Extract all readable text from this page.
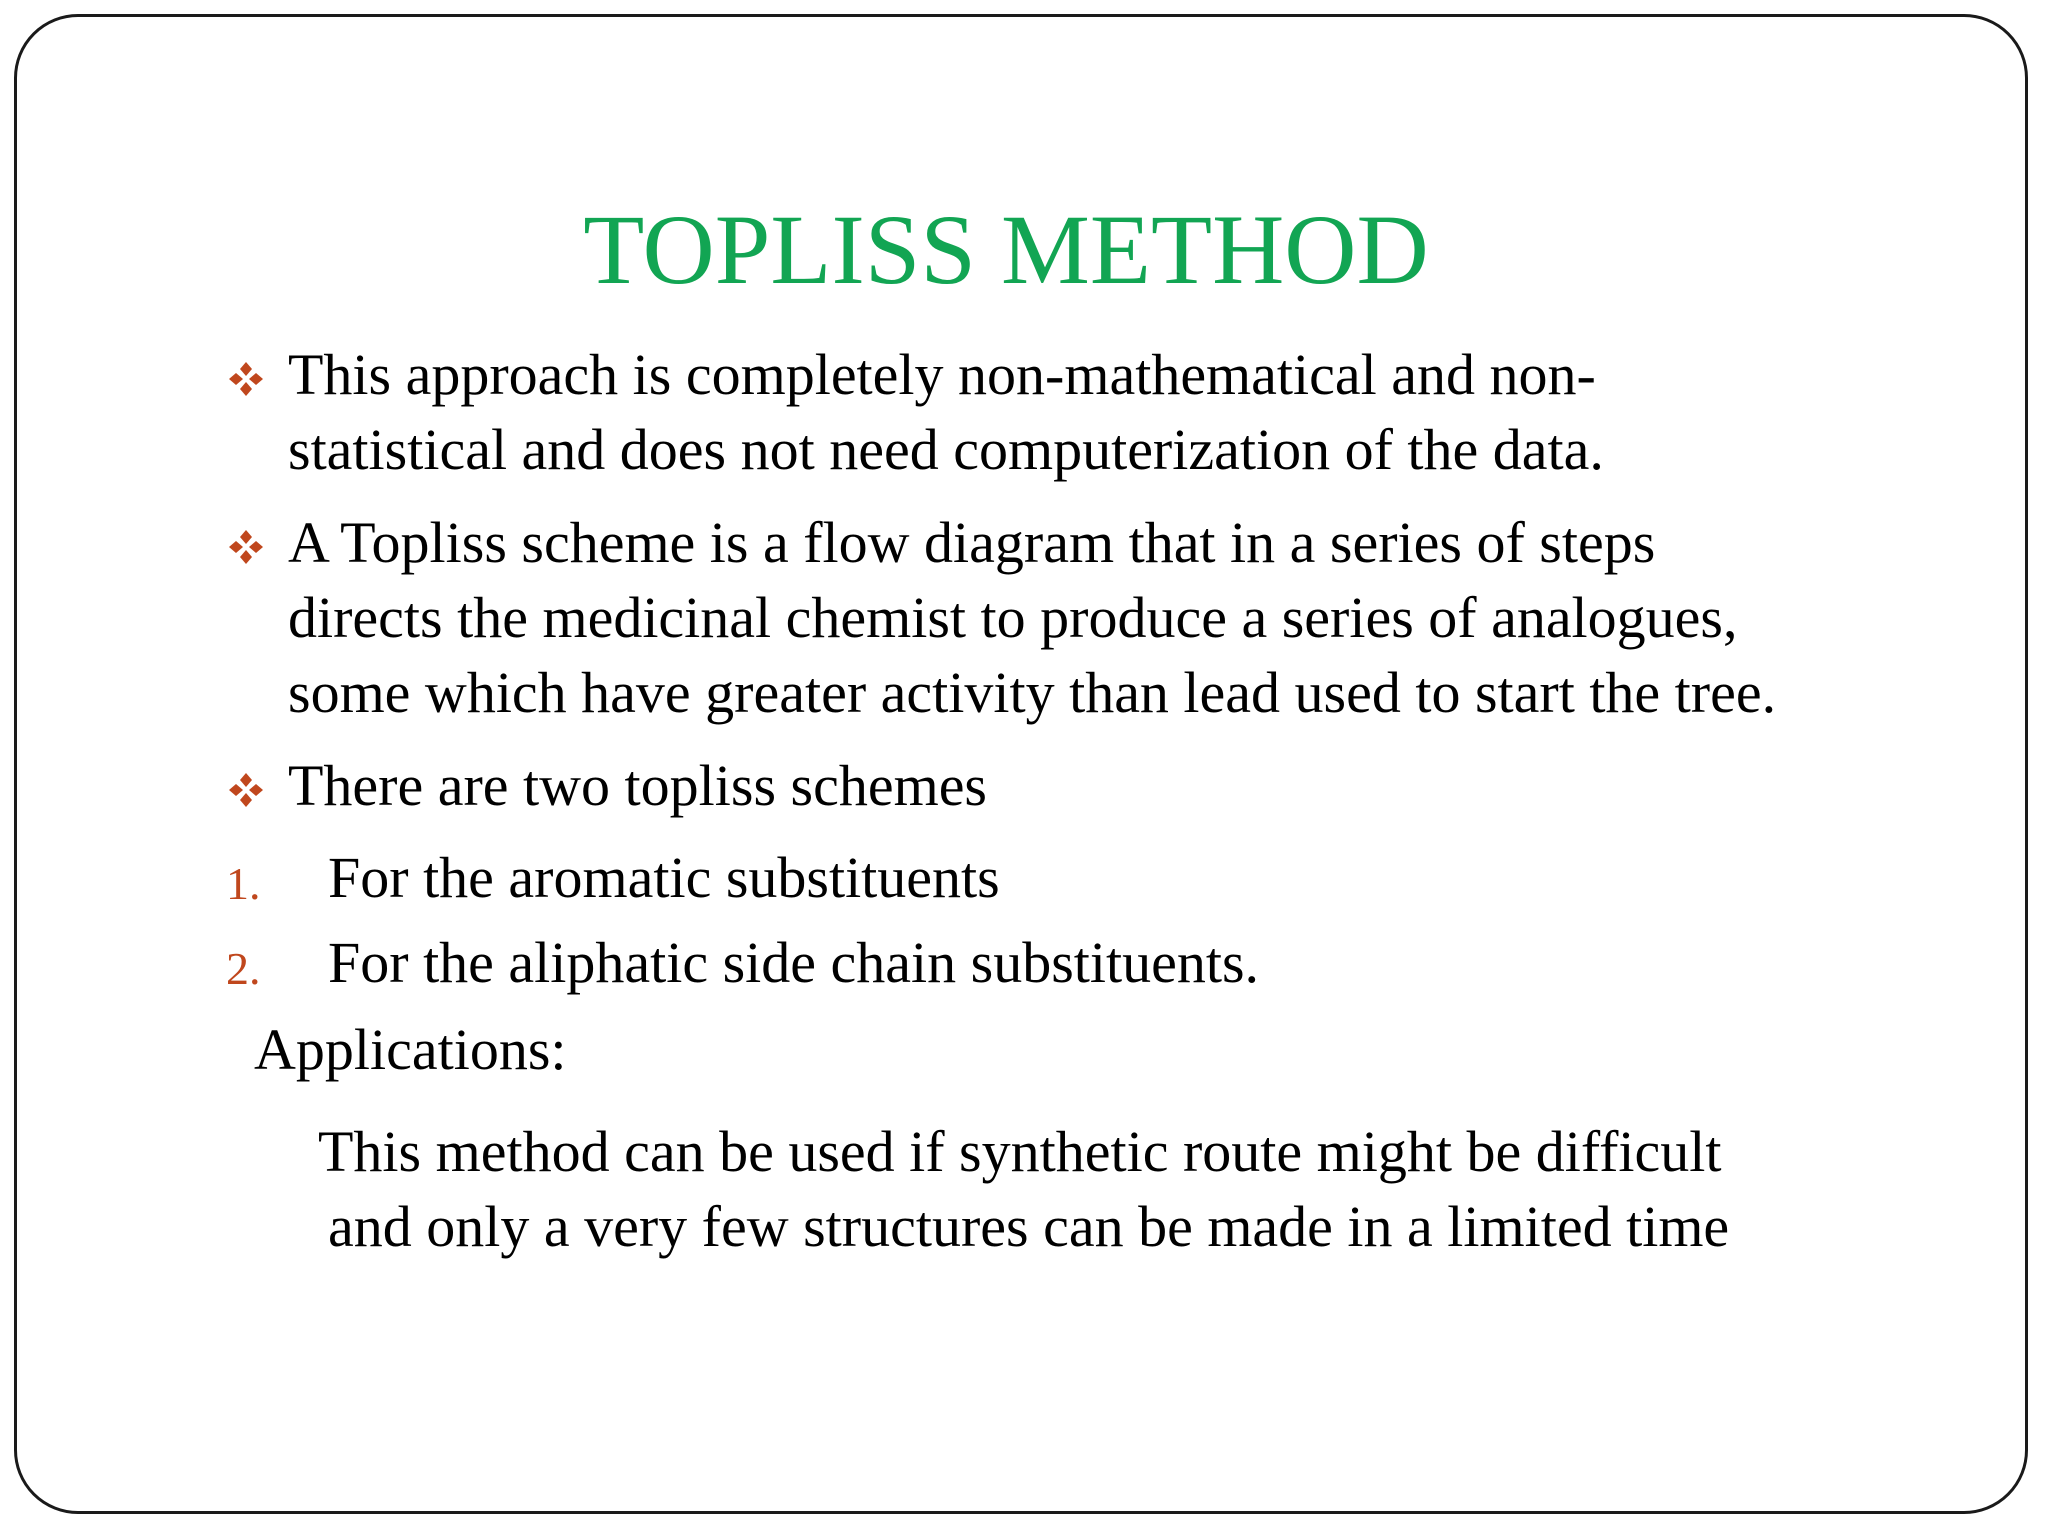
TOPLISS METHOD
This approach is completely non-mathematical and non-
statistical and does not need computerization of the data.
A Topliss scheme is a flow diagram that in a series of steps
directs the medicinal chemist to produce a series of analogues,
some which have greater activity than lead used to start the tree.
There are two topliss schemes
1. For the aromatic substituents
2. For the aliphatic side chain substituents.
Applications:
This method can be used if synthetic route might be difficult
and only a very few structures can be made in a limited time
